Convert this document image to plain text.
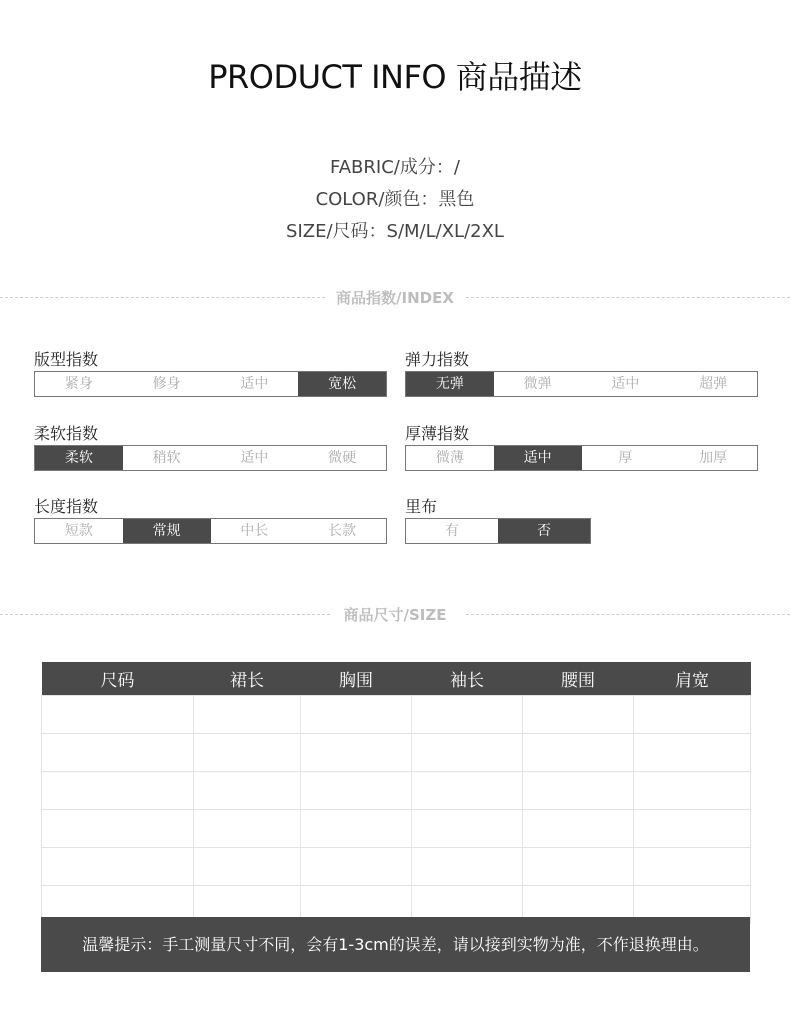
PRODUCT INFO 商品描述
FABRIC/成分：/
COLOR/颜色：黑色
SIZE/尺码：S/M/L/XL/2XL
商品指数/INDEX
版型指数
紧身	修身	适中	宽松
弹力指数
无弹	微弹	适中	超弹
柔软指数
柔软	稍软	适中	微硬
厚薄指数
微薄	适中	厚	加厚
长度指数
短款	常规	中长	长款
里布
有	否
商品尺寸/SIZE
尺码	裙长	胸围	袖长	腰围	肩宽

温馨提示：手工测量尺寸不同，会有1-3cm的误差，请以接到实物为准，不作退换理由。
